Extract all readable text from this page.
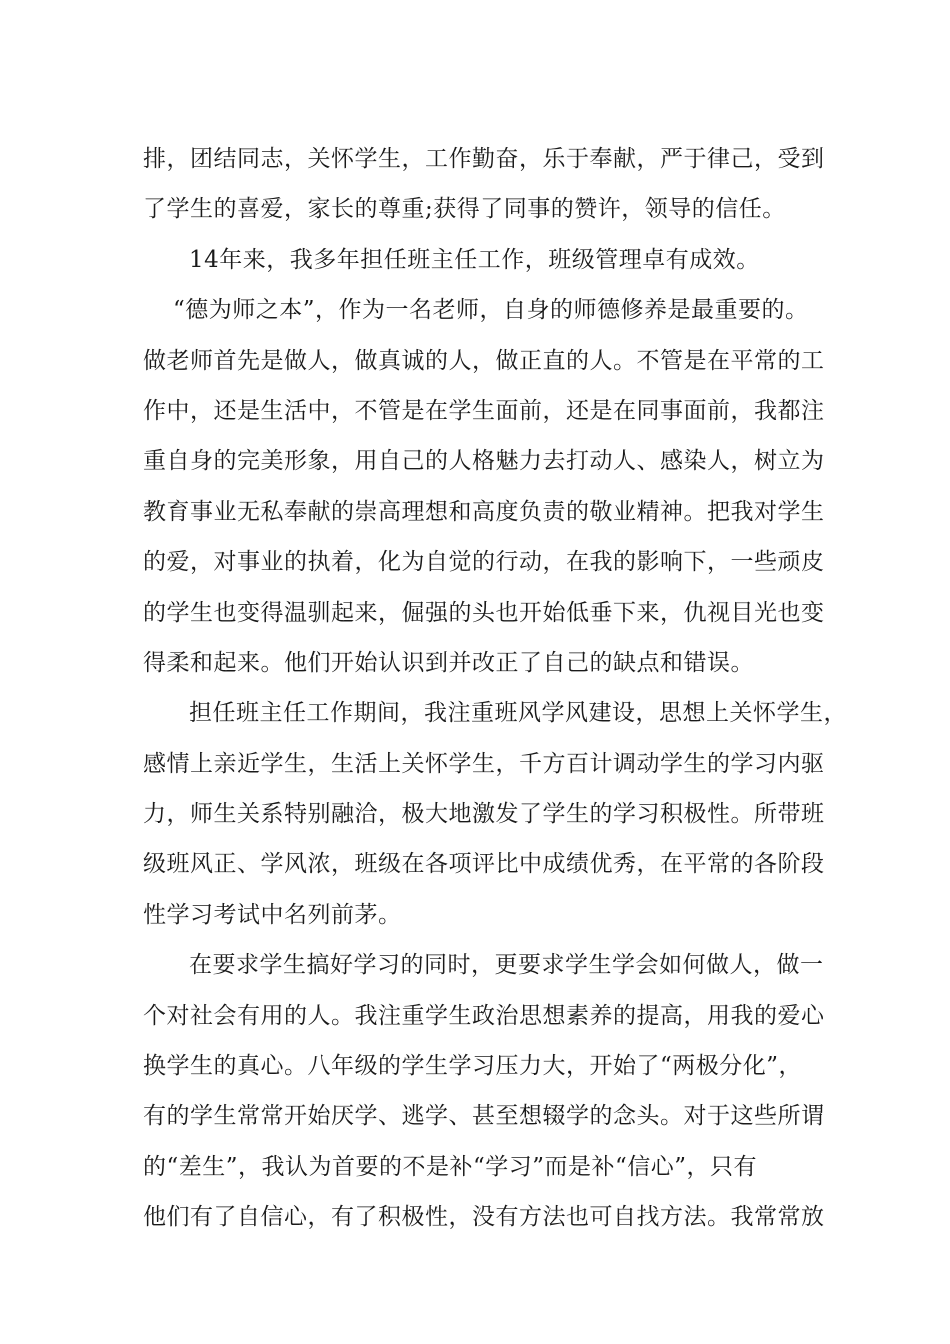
排，团结同志，关怀学生，工作勤奋，乐于奉献，严于律己，受到
了学生的喜爱，家长的尊重;获得了同事的赞许，领导的信任。
14年来，我多年担任班主任工作，班级管理卓有成效。
“德为师之本”，作为一名老师，自身的师德修养是最重要的。
做老师首先是做人，做真诚的人，做正直的人。不管是在平常的工
作中，还是生活中，不管是在学生面前，还是在同事面前，我都注
重自身的完美形象，用自己的人格魅力去打动人、感染人，树立为
教育事业无私奉献的崇高理想和高度负责的敬业精神。把我对学生
的爱，对事业的执着，化为自觉的行动，在我的影响下，一些顽皮
的学生也变得温驯起来，倔强的头也开始低垂下来，仇视目光也变
得柔和起来。他们开始认识到并改正了自己的缺点和错误。
担任班主任工作期间，我注重班风学风建设，思想上关怀学生，
感情上亲近学生，生活上关怀学生，千方百计调动学生的学习内驱
力，师生关系特别融洽，极大地激发了学生的学习积极性。所带班
级班风正、学风浓，班级在各项评比中成绩优秀，在平常的各阶段
性学习考试中名列前茅。
在要求学生搞好学习的同时，更要求学生学会如何做人，做一
个对社会有用的人。我注重学生政治思想素养的提高，用我的爱心
换学生的真心。八年级的学生学习压力大，开始了“两极分化”，
有的学生常常开始厌学、逃学、甚至想辍学的念头。对于这些所谓
的“差生”，我认为首要的不是补“学习”而是补“信心”，只有
他们有了自信心，有了积极性，没有方法也可自找方法。我常常放
